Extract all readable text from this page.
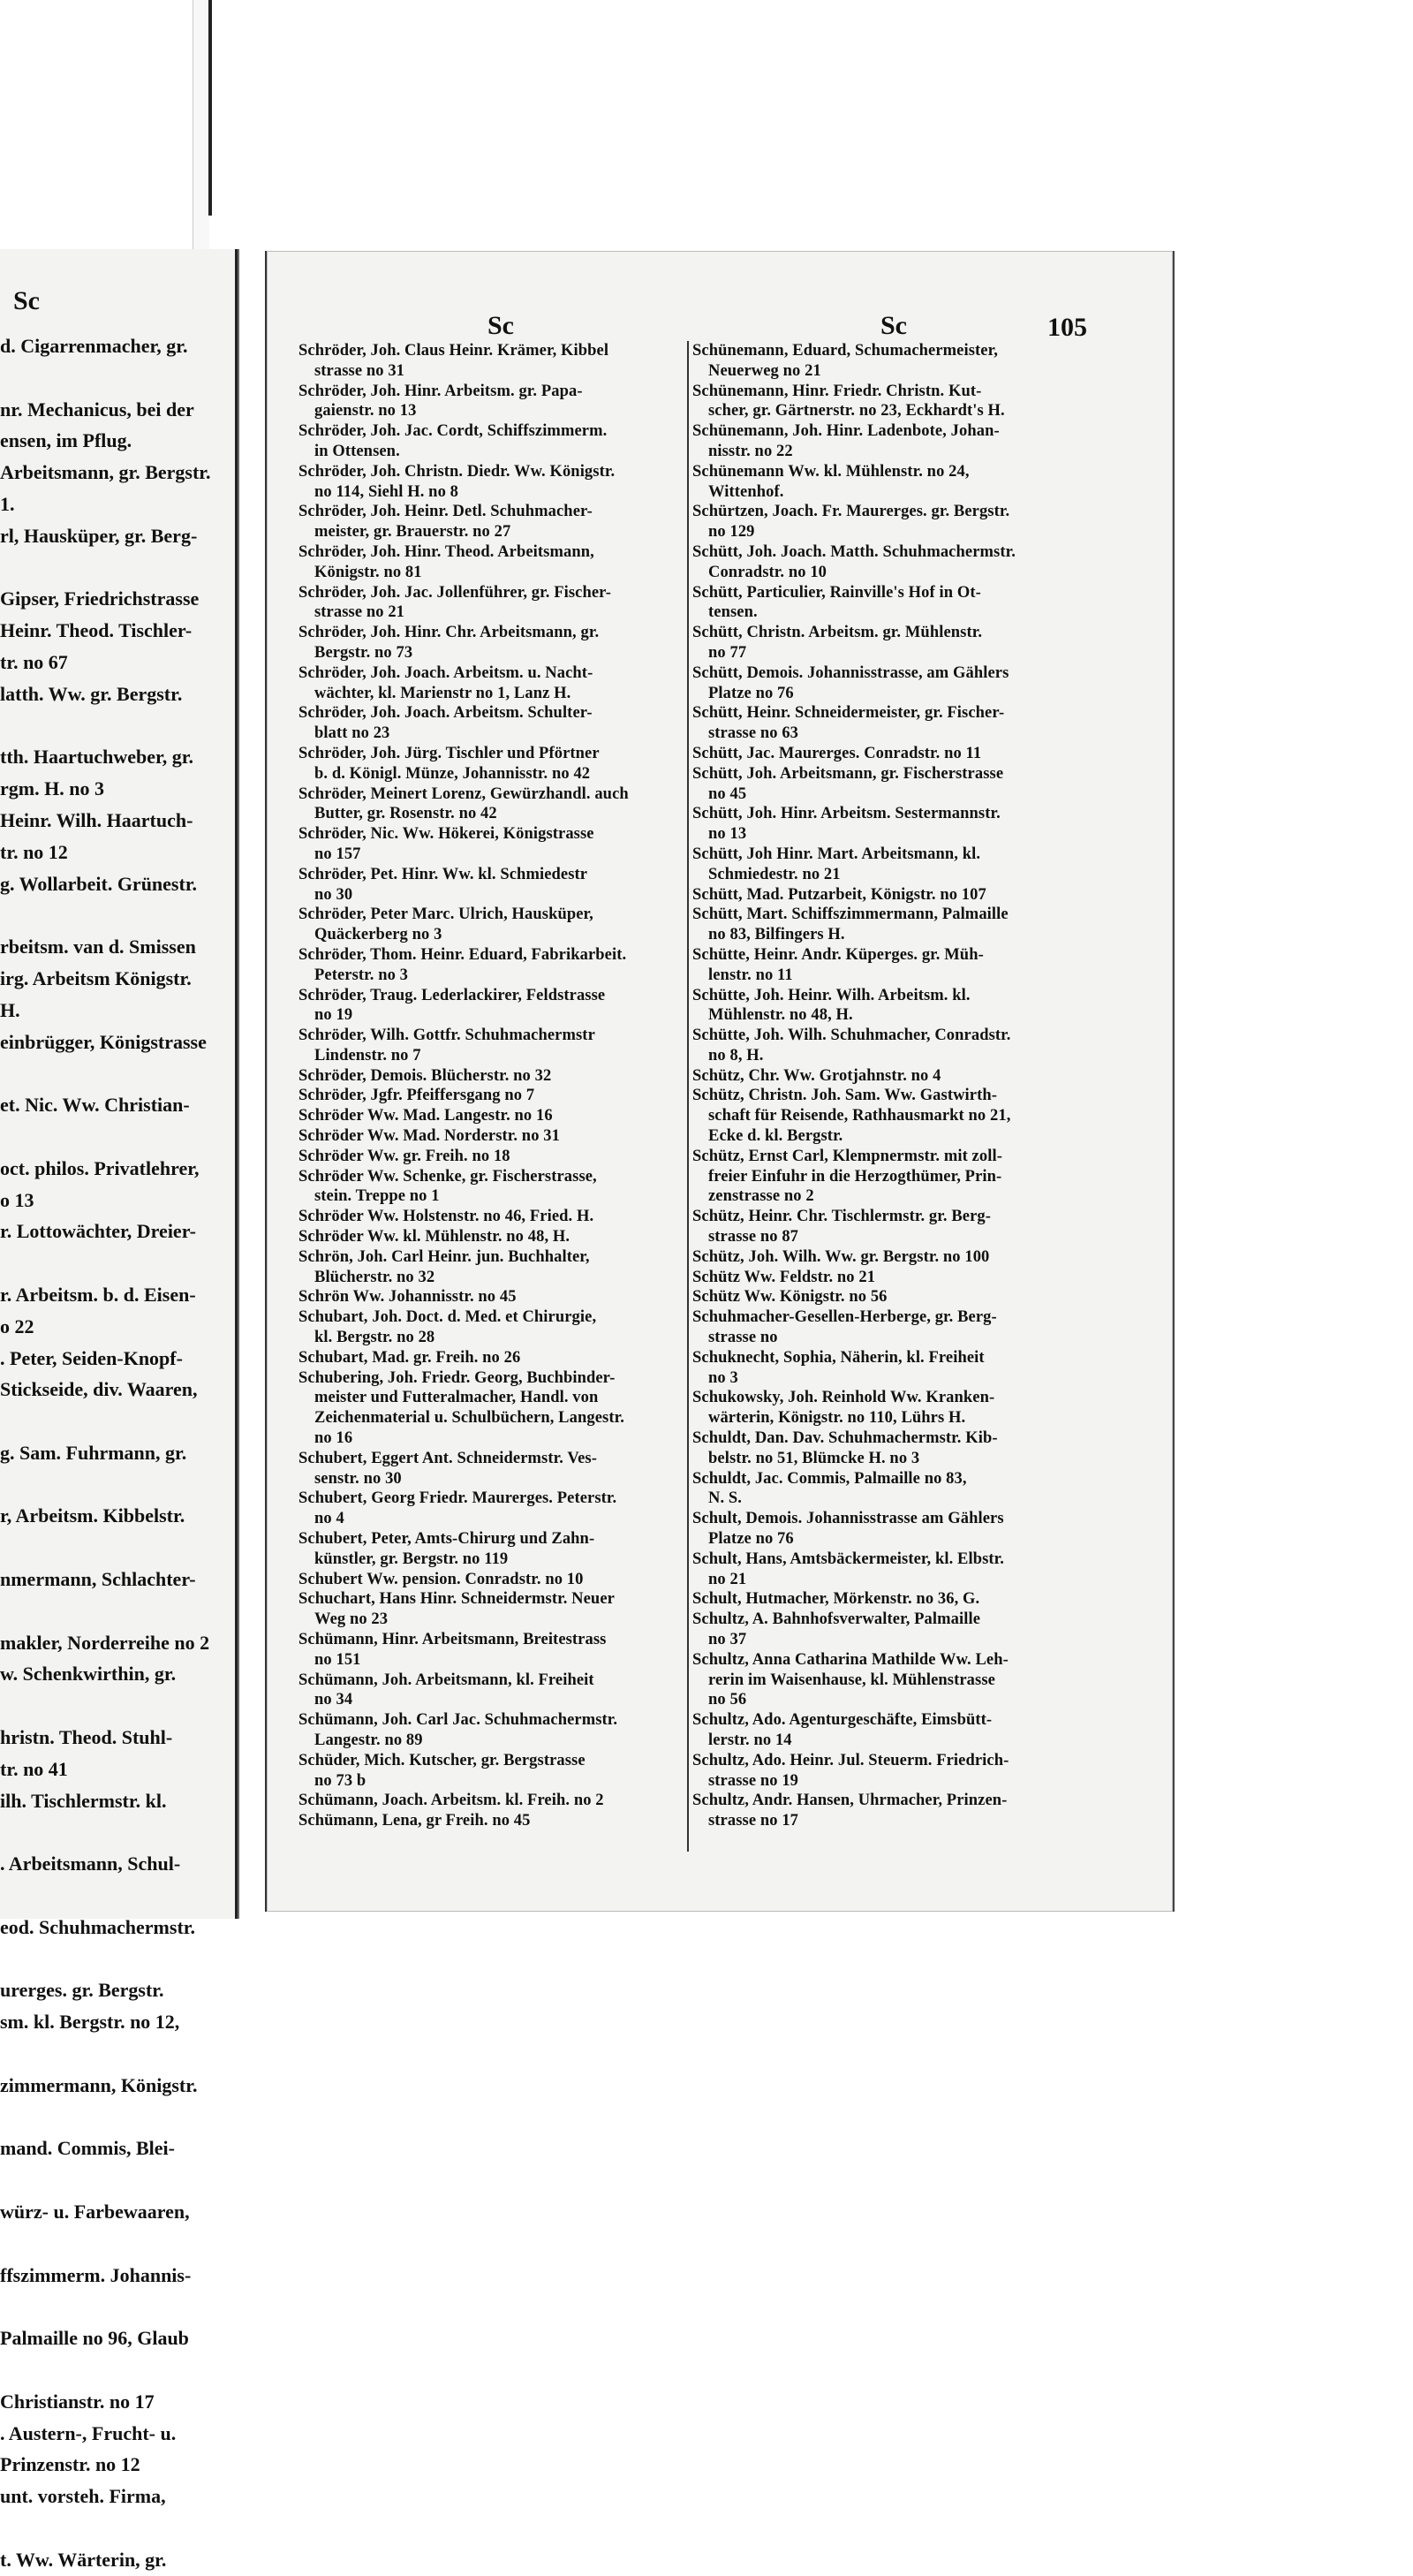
Sc
d. Cigarrenmacher, gr.
nr. Mechanicus, bei der
ensen, im Pflug.
Arbeitsmann, gr. Bergstr.
1.
rl, Hausküper, gr. Berg-
Gipser, Friedrichstrasse
Heinr. Theod. Tischler-
tr. no 67
latth. Ww. gr. Bergstr.
tth. Haartuchweber, gr.
rgm. H. no 3
Heinr. Wilh. Haartuch-
tr. no 12
g. Wollarbeit. Grünestr.
rbeitsm. van d. Smissen
irg. Arbeitsm Königstr.
H.
einbrügger, Königstrasse
et. Nic. Ww. Christian-
oct. philos. Privatlehrer,
o 13
r. Lottowächter, Dreier-
r. Arbeitsm. b. d. Eisen-
o 22
. Peter, Seiden-Knopf-
Stickseide, div. Waaren,
g. Sam. Fuhrmann, gr.
r, Arbeitsm. Kibbelstr.
nmermann, Schlachter-
makler, Norderreihe no 2
w. Schenkwirthin, gr.
hristn. Theod. Stuhl-
tr. no 41
ilh. Tischlermstr. kl.
. Arbeitsmann, Schul-
eod. Schuhmachermstr.
urerges. gr. Bergstr.
sm. kl. Bergstr. no 12,
zimmermann, Königstr.
mand. Commis, Blei-
würz- u. Farbewaaren,
ffszimmerm. Johannis-
Palmaille no 96, Glaub
Christianstr. no 17
. Austern-, Frucht- u.
Prinzenstr. no 12
unt. vorsteh. Firma,
t. Ww. Wärterin, gr.
Sc	Sc	105
Schröder, Joh. Claus Heinr. Krämer, Kibbel
strasse no 31
Schröder, Joh. Hinr. Arbeitsm. gr. Papa-
gaienstr. no 13
Schröder, Joh. Jac. Cordt, Schiffszimmerm.
in Ottensen.
Schröder, Joh. Christn. Diedr. Ww. Königstr.
no 114, Siehl H. no 8
Schröder, Joh. Heinr. Detl. Schuhmacher-
meister, gr. Brauerstr. no 27
Schröder, Joh. Hinr. Theod. Arbeitsmann,
Königstr. no 81
Schröder, Joh. Jac. Jollenführer, gr. Fischer-
strasse no 21
Schröder, Joh. Hinr. Chr. Arbeitsmann, gr.
Bergstr. no 73
Schröder, Joh. Joach. Arbeitsm. u. Nacht-
wächter, kl. Marienstr no 1, Lanz H.
Schröder, Joh. Joach. Arbeitsm. Schulter-
blatt no 23
Schröder, Joh. Jürg. Tischler und Pförtner
b. d. Königl. Münze, Johannisstr. no 42
Schröder, Meinert Lorenz, Gewürzhandl. auch
Butter, gr. Rosenstr. no 42
Schröder, Nic. Ww. Hökerei, Königstrasse
no 157
Schröder, Pet. Hinr. Ww. kl. Schmiedestr
no 30
Schröder, Peter Marc. Ulrich, Hausküper,
Quäckerberg no 3
Schröder, Thom. Heinr. Eduard, Fabrikarbeit.
Peterstr. no 3
Schröder, Traug. Lederlackirer, Feldstrasse
no 19
Schröder, Wilh. Gottfr. Schuhmachermstr
Lindenstr. no 7
Schröder, Demois. Blücherstr. no 32
Schröder, Jgfr. Pfeiffersgang no 7
Schröder Ww. Mad. Langestr. no 16
Schröder Ww. Mad. Norderstr. no 31
Schröder Ww. gr. Freih. no 18
Schröder Ww. Schenke, gr. Fischerstrasse,
stein. Treppe no 1
Schröder Ww. Holstenstr. no 46, Fried. H.
Schröder Ww. kl. Mühlenstr. no 48, H.
Schrön, Joh. Carl Heinr. jun. Buchhalter,
Blücherstr. no 32
Schrön Ww. Johannisstr. no 45
Schubart, Joh. Doct. d. Med. et Chirurgie,
kl. Bergstr. no 28
Schubart, Mad. gr. Freih. no 26
Schubering, Joh. Friedr. Georg, Buchbinder-
meister und Futteralmacher, Handl. von
Zeichenmaterial u. Schulbüchern, Langestr.
no 16
Schubert, Eggert Ant. Schneidermstr. Ves-
senstr. no 30
Schubert, Georg Friedr. Maurerges. Peterstr.
no 4
Schubert, Peter, Amts-Chirurg und Zahn-
künstler, gr. Bergstr. no 119
Schubert Ww. pension. Conradstr. no 10
Schuchart, Hans Hinr. Schneidermstr. Neuer
Weg no 23
Schümann, Hinr. Arbeitsmann, Breitestrass
no 151
Schümann, Joh. Arbeitsmann, kl. Freiheit
no 34
Schümann, Joh. Carl Jac. Schuhmachermstr.
Langestr. no 89
Schüder, Mich. Kutscher, gr. Bergstrasse
no 73 b
Schümann, Joach. Arbeitsm. kl. Freih. no 2
Schümann, Lena, gr Freih. no 45
Schünemann, Eduard, Schumachermeister,
Neuerweg no 21
Schünemann, Hinr. Friedr. Christn. Kut-
scher, gr. Gärtnerstr. no 23, Eckhardt's H.
Schünemann, Joh. Hinr. Ladenbote, Johan-
nisstr. no 22
Schünemann Ww. kl. Mühlenstr. no 24,
Wittenhof.
Schürtzen, Joach. Fr. Maurerges. gr. Bergstr.
no 129
Schütt, Joh. Joach. Matth. Schuhmachermstr.
Conradstr. no 10
Schütt, Particulier, Rainville's Hof in Ot-
tensen.
Schütt, Christn. Arbeitsm. gr. Mühlenstr.
no 77
Schütt, Demois. Johannisstrasse, am Gählers
Platze no 76
Schütt, Heinr. Schneidermeister, gr. Fischer-
strasse no 63
Schütt, Jac. Maurerges. Conradstr. no 11
Schütt, Joh. Arbeitsmann, gr. Fischerstrasse
no 45
Schütt, Joh. Hinr. Arbeitsm. Sestermannstr.
no 13
Schütt, Joh Hinr. Mart. Arbeitsmann, kl.
Schmiedestr. no 21
Schütt, Mad. Putzarbeit, Königstr. no 107
Schütt, Mart. Schiffszimmermann, Palmaille
no 83, Bilfingers H.
Schütte, Heinr. Andr. Küperges. gr. Müh-
lenstr. no 11
Schütte, Joh. Heinr. Wilh. Arbeitsm. kl.
Mühlenstr. no 48, H.
Schütte, Joh. Wilh. Schuhmacher, Conradstr.
no 8, H.
Schütz, Chr. Ww. Grotjahnstr. no 4
Schütz, Christn. Joh. Sam. Ww. Gastwirth-
schaft für Reisende, Rathhausmarkt no 21,
Ecke d. kl. Bergstr.
Schütz, Ernst Carl, Klempnermstr. mit zoll-
freier Einfuhr in die Herzogthümer, Prin-
zenstrasse no 2
Schütz, Heinr. Chr. Tischlermstr. gr. Berg-
strasse no 87
Schütz, Joh. Wilh. Ww. gr. Bergstr. no 100
Schütz Ww. Feldstr. no 21
Schütz Ww. Königstr. no 56
Schuhmacher-Gesellen-Herberge, gr. Berg-
strasse no
Schuknecht, Sophia, Näherin, kl. Freiheit
no 3
Schukowsky, Joh. Reinhold Ww. Kranken-
wärterin, Königstr. no 110, Lührs H.
Schuldt, Dan. Dav. Schuhmachermstr. Kib-
belstr. no 51, Blümcke H. no 3
Schuldt, Jac. Commis, Palmaille no 83,
N. S.
Schult, Demois. Johannisstrasse am Gählers
Platze no 76
Schult, Hans, Amtsbäckermeister, kl. Elbstr.
no 21
Schult, Hutmacher, Mörkenstr. no 36, G.
Schultz, A. Bahnhofsverwalter, Palmaille
no 37
Schultz, Anna Catharina Mathilde Ww. Leh-
rerin im Waisenhause, kl. Mühlenstrasse
no 56
Schultz, Ado. Agenturgeschäfte, Eimsbütt-
lerstr. no 14
Schultz, Ado. Heinr. Jul. Steuerm. Friedrich-
strasse no 19
Schultz, Andr. Hansen, Uhrmacher, Prinzen-
strasse no 17
